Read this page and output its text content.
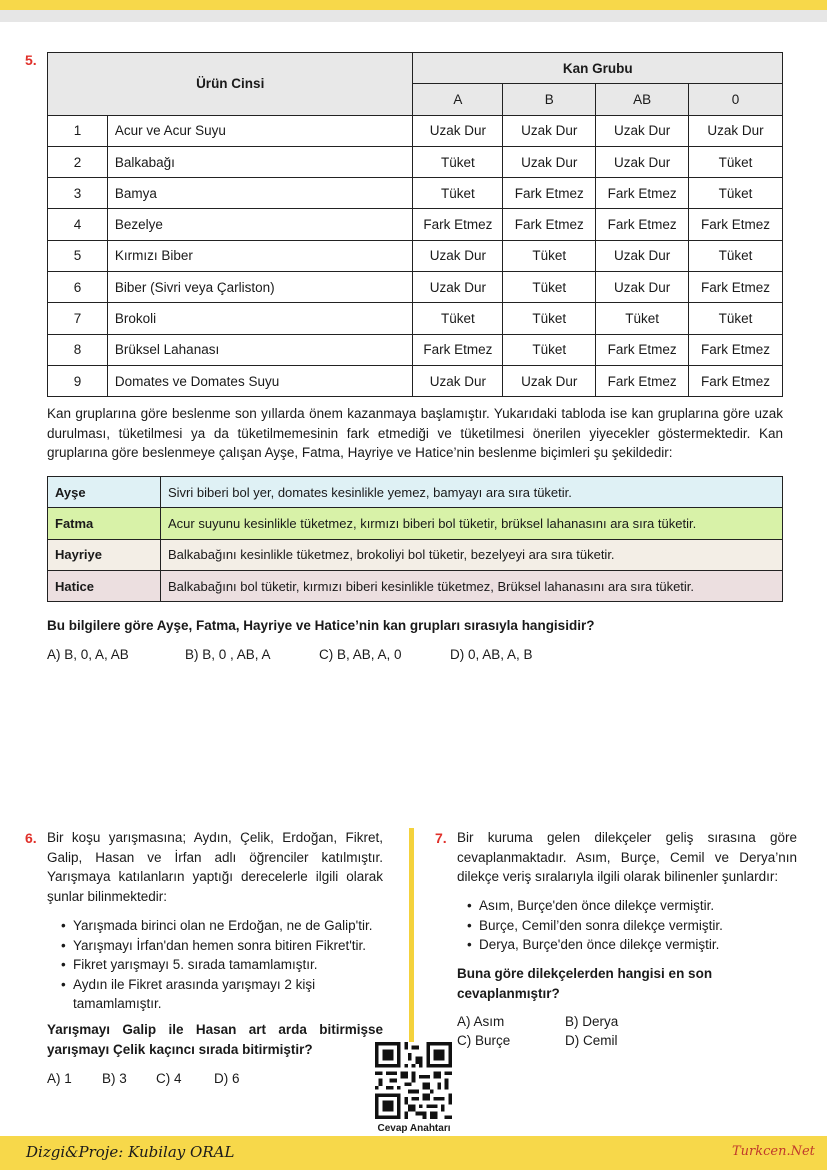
5.
Ürün Cinsi		Kan Grubu			
		A	B	AB	0
1	Acur ve Acur Suyu	Uzak Dur	Uzak Dur	Uzak Dur	Uzak Dur
2	Balkabağı	Tüket	Uzak Dur	Uzak Dur	Tüket
3	Bamya	Tüket	Fark Etmez	Fark Etmez	Tüket
4	Bezelye	Fark Etmez	Fark Etmez	Fark Etmez	Fark Etmez
5	Kırmızı Biber	Uzak Dur	Tüket	Uzak Dur	Tüket
6	Biber (Sivri veya Çarliston)	Uzak Dur	Tüket	Uzak Dur	Fark Etmez
7	Brokoli	Tüket	Tüket	Tüket	Tüket
8	Brüksel Lahanası	Fark Etmez	Tüket	Fark Etmez	Fark Etmez
9	Domates ve Domates Suyu	Uzak Dur	Uzak Dur	Fark Etmez	Fark Etmez
Kan gruplarına göre beslenme son yıllarda önem kazanmaya başlamıştır. Yukarıdaki tabloda ise kan gruplarına göre uzak durulması, tüketilmesi ya da tüketilmemesinin fark etmediği ve tüketilmesi önerilen yiyecekler göstermektedir. Kan gruplarına göre beslenmeye çalışan Ayşe, Fatma, Hayriye ve Hatice’nin beslenme biçimleri şu şekildedir:
Ayşe	Sivri biberi bol yer, domates kesinlikle yemez, bamyayı ara sıra tüketir.
Fatma	Acur suyunu kesinlikle tüketmez, kırmızı biberi bol tüketir, brüksel lahanasını ara sıra tüketir.
Hayriye	Balkabağını kesinlikle tüketmez, brokoliyi bol tüketir, bezelyeyi ara sıra tüketir.
Hatice	Balkabağını bol tüketir, kırmızı biberi kesinlikle tüketmez, Brüksel lahanasını ara sıra tüketir.
Bu bilgilere göre Ayşe, Fatma, Hayriye ve Hatice’nin kan grupları sırasıyla hangisidir?
A) B, 0, A, AB	B) B, 0 , AB, A	C) B, AB, A, 0	D) 0, AB, A, B
6. Bir koşu yarışmasına; Aydın, Çelik, Erdoğan, Fikret, Galip, Hasan ve İrfan adlı öğrenciler katılmıştır. Yarışmaya katılanların yaptığı derecelerle ilgili olarak şunlar bilinmektedir:
• Yarışmada birinci olan ne Erdoğan, ne de Galip'tir.
• Yarışmayı İrfan'dan hemen sonra bitiren Fikret'tir.
• Fikret yarışmayı 5. sırada tamamlamıştır.
• Aydın ile Fikret arasında yarışmayı 2 kişi tamamlamıştır.
Yarışmayı Galip ile Hasan art arda bitirmişse yarışmayı Çelik kaçıncı sırada bitirmiştir?
A) 1 B) 3 C) 4 D) 6
7. Bir kuruma gelen dilekçeler geliş sırasına göre cevaplanmaktadır. Asım, Burçe, Cemil ve Derya’nın dilekçe veriş sıralarıyla ilgili olarak bilinenler şunlardır:
• Asım, Burçe'den önce dilekçe vermiştir.
• Burçe, Cemil’den sonra dilekçe vermiştir.
• Derya, Burçe'den önce dilekçe vermiştir.
Buna göre dilekçelerden hangisi en son cevaplanmıştır?
A) Asım	B) Derya
C) Burçe	D) Cemil
Cevap Anahtarı
Dizgi&Proje: Kubilay ORAL	Turkcen.Net
